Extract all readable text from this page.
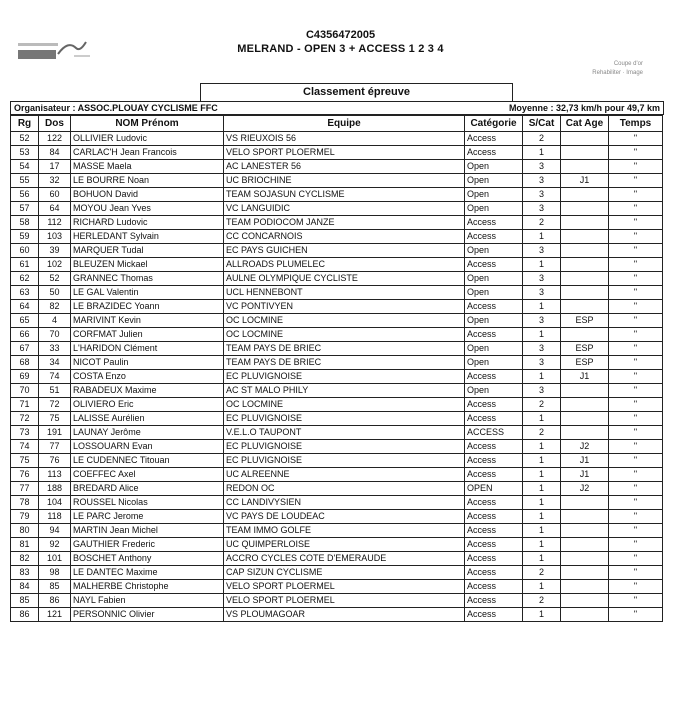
Coupe d'or
Rehabiliter · Image
C4356472005
MELRAND - OPEN 3 + ACCESS 1 2 3 4
Classement épreuve
Organisateur : ASSOC.PLOUAY CYCLISME FFC	Moyenne : 32,73 km/h pour 49,7 km
Rg	Dos	NOM Prénom	Equipe	Catégorie	S/Cat	Cat Age	Temps
52	122	OLLIVIER Ludovic	VS RIEUXOIS 56	Access	2		"
53	84	CARLAC'H Jean Francois	VELO SPORT PLOERMEL	Access	1		"
54	17	MASSE Maela	AC LANESTER 56	Open	3		"
55	32	LE BOURRE Noan	UC BRIOCHINE	Open	3	J1	"
56	60	BOHUON David	TEAM SOJASUN CYCLISME	Open	3		"
57	64	MOYOU Jean Yves	VC LANGUIDIC	Open	3		"
58	112	RICHARD Ludovic	TEAM PODIOCOM JANZE	Access	2		"
59	103	HERLEDANT Sylvain	CC CONCARNOIS	Access	1		"
60	39	MARQUER Tudal	EC PAYS GUICHEN	Open	3		"
61	102	BLEUZEN Mickael	ALLROADS PLUMELEC	Access	1		"
62	52	GRANNEC Thomas	AULNE OLYMPIQUE CYCLISTE	Open	3		"
63	50	LE GAL Valentin	UCL HENNEBONT	Open	3		"
64	82	LE BRAZIDEC Yoann	VC PONTIVYEN	Access	1		"
65	4	MARIVINT Kevin	OC LOCMINE	Open	3	ESP	"
66	70	CORFMAT Julien	OC LOCMINE	Access	1		"
67	33	L'HARIDON Clément	TEAM PAYS DE BRIEC	Open	3	ESP	"
68	34	NICOT Paulin	TEAM PAYS DE BRIEC	Open	3	ESP	"
69	74	COSTA Enzo	EC PLUVIGNOISE	Access	1	J1	"
70	51	RABADEUX Maxime	AC ST MALO PHILY	Open	3		"
71	72	OLIVIERO Eric	OC LOCMINE	Access	2		"
72	75	LALISSE Aurélien	EC PLUVIGNOISE	Access	1		"
73	191	LAUNAY Jerôme	V.E.L.O TAUPONT	ACCESS	2		"
74	77	LOSSOUARN Evan	EC PLUVIGNOISE	Access	1	J2	"
75	76	LE CUDENNEC Titouan	EC PLUVIGNOISE	Access	1	J1	"
76	113	COEFFEC Axel	UC ALREENNE	Access	1	J1	"
77	188	BREDARD Alice	REDON OC	OPEN	1	J2	"
78	104	ROUSSEL Nicolas	CC LANDIVYSIEN	Access	1		"
79	118	LE PARC Jerome	VC PAYS DE LOUDEAC	Access	1		"
80	94	MARTIN Jean Michel	TEAM IMMO GOLFE	Access	1		"
81	92	GAUTHIER Frederic	UC QUIMPERLOISE	Access	1		"
82	101	BOSCHET Anthony	ACCRO CYCLES COTE D'EMERAUDE	Access	1		"
83	98	LE DANTEC Maxime	CAP SIZUN CYCLISME	Access	2		"
84	85	MALHERBE Christophe	VELO SPORT PLOERMEL	Access	1		"
85	86	NAYL Fabien	VELO SPORT PLOERMEL	Access	2		"
86	121	PERSONNIC Olivier	VS PLOUMAGOAR	Access	1		"
